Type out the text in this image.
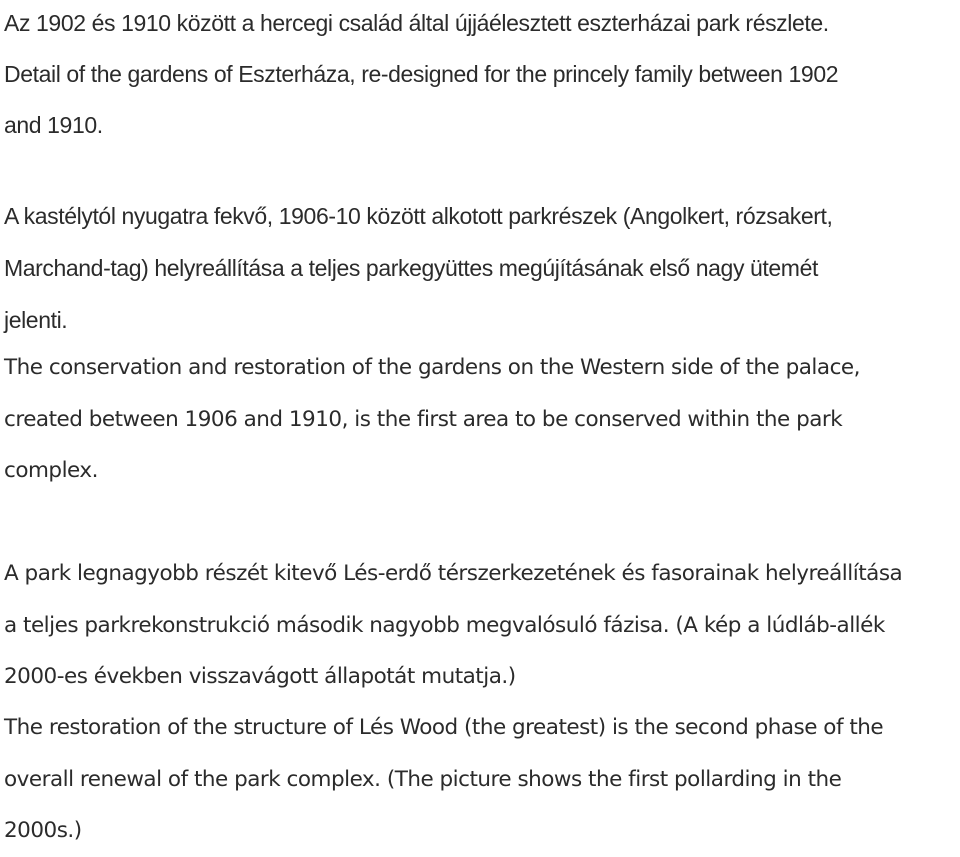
Az 1902 és 1910 között a hercegi család által újjáélesztett eszterházai park részlete.
Detail of the gardens of Eszterháza, re-designed for the princely family between 1902
and 1910.
A kastélytól nyugatra fekvő, 1906-10 között alkotott parkrészek (Angolkert, rózsakert,
Marchand-tag) helyreállítása a teljes parkegyüttes megújításának első nagy ütemét
jelenti.
The conservation and restoration of the gardens on the Western side of the palace,
created between 1906 and 1910, is the first area to be conserved within the park
complex.
A park legnagyobb részét kitevő Lés-erdő térszerkezetének és fasorainak helyreállítása
a teljes parkrekonstrukció második nagyobb megvalósuló fázisa. (A kép a lúdláb-allék
2000-es években visszavágott állapotát mutatja.)
The restoration of the structure of Lés Wood (the greatest) is the second phase of the
overall renewal of the park complex. (The picture shows the first pollarding in the
2000s.)
